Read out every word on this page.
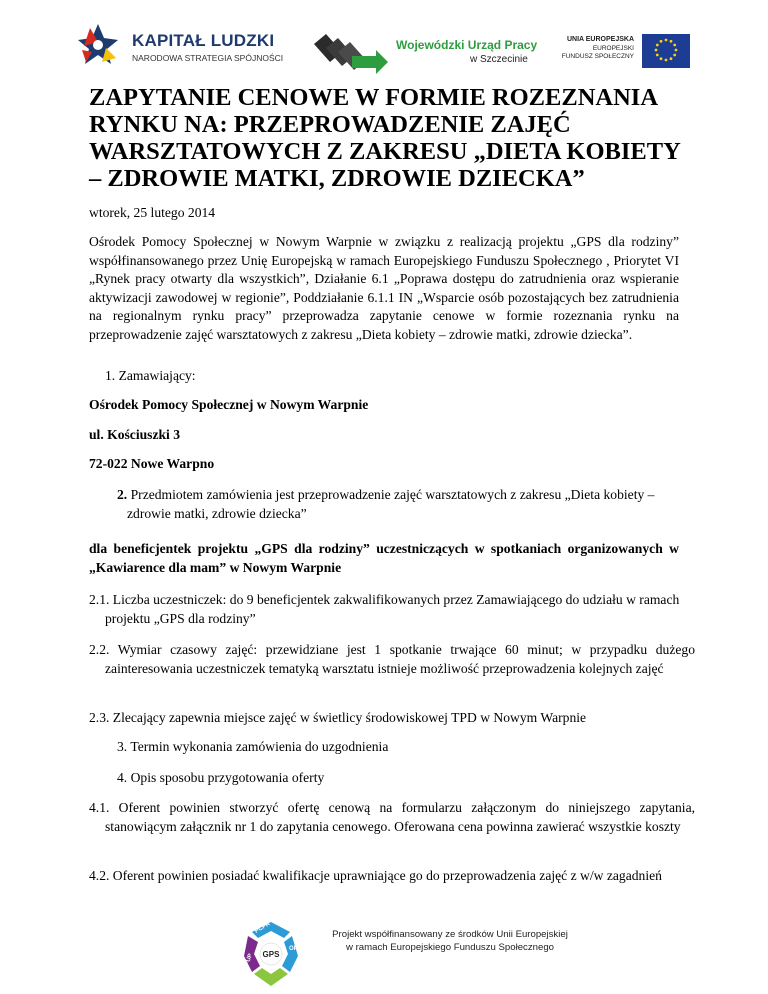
KAPITAŁ LUDZKI
NARODOWA STRATEGIA SPÓJNOŚCI
Wojewódzki Urząd Pracy
w Szczecinie
UNIA EUROPEJSKA
EUROPEJSKI
FUNDUSZ SPOŁECZNY
ZAPYTANIE CENOWE W FORMIE ROZEZNANIA RYNKU NA: PRZEPROWADZENIE ZAJĘĆ WARSZTATOWYCH Z ZAKRESU „DIETA KOBIETY – ZDROWIE MATKI, ZDROWIE DZIECKA”

wtorek, 25 lutego 2014

Ośrodek Pomocy Społecznej w Nowym Warpnie w związku z realizacją projektu „GPS dla rodziny” współfinansowanego przez Unię Europejską w ramach Europejskiego Funduszu Społecznego , Priorytet VI „Rynek pracy otwarty dla wszystkich”, Działanie 6.1 „Poprawa dostępu do zatrudnienia oraz wspieranie aktywizacji zawodowej w regionie”, Poddziałanie 6.1.1 IN „Wsparcie osób pozostających bez zatrudnienia na regionalnym rynku pracy” przeprowadza zapytanie cenowe w formie rozeznania rynku na przeprowadzenie zajęć warsztatowych z zakresu „Dieta kobiety – zdrowie matki, zdrowie dziecka”.

1. Zamawiający:

Ośrodek Pomocy Społecznej w Nowym Warpnie

ul. Kościuszki 3

72-022 Nowe Warpno

2. Przedmiotem zamówienia jest przeprowadzenie zajęć warsztatowych z zakresu „Dieta kobiety – zdrowie matki, zdrowie dziecka”

dla beneficjentek projektu „GPS dla rodziny” uczestniczących w spotkaniach organizowanych w „Kawiarence dla mam” w Nowym Warpnie

2.1. Liczba uczestniczek: do 9 beneficjentek zakwalifikowanych przez Zamawiającego do udziału w ramach projektu „GPS dla rodziny”

2.2. Wymiar czasowy zajęć: przewidziane jest 1 spotkanie trwające 60 minut; w przypadku dużego zainteresowania uczestniczek tematyką warsztatu istnieje możliwość przeprowadzenia kolejnych zajęć

2.3. Zlecający zapewnia miejsce zajęć w świetlicy środowiskowej TPD w Nowym Warpnie

3. Termin wykonania zamówienia do uzgodnienia

4. Opis sposobu przygotowania oferty

4.1. Oferent powinien stworzyć ofertę cenową na formularzu załączonym do niniejszego zapytania, stanowiącym załącznik nr 1 do zapytania cenowego. Oferowana cena powinna zawierać wszystkie koszty

4.2. Oferent powinien posiadać kwalifikacje uprawniające go do przeprowadzenia zajęć z w/w zagadnień

GPS
PCPR
OPS
PUP
Projekt współfinansowany ze środków Unii Europejskiej
w ramach Europejskiego Funduszu Społecznego
